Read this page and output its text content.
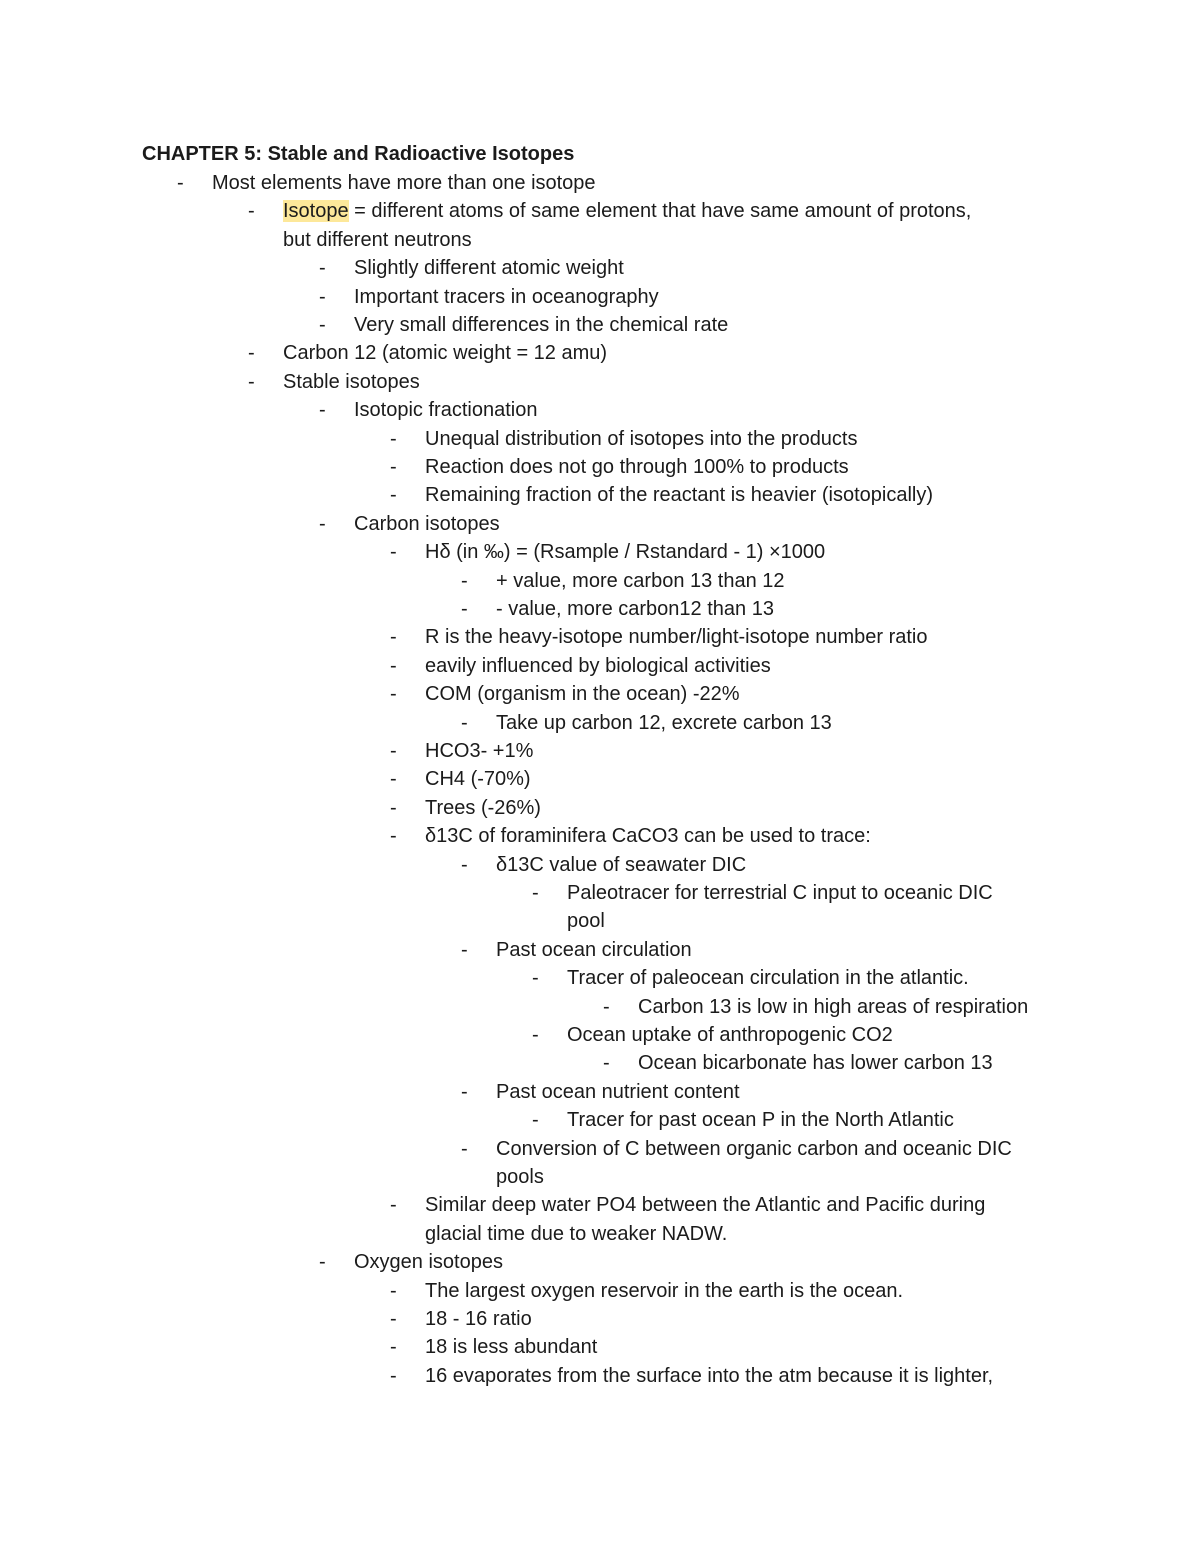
CHAPTER 5: Stable and Radioactive Isotopes
- Most elements have more than one isotope
- Isotope = different atoms of same element that have same amount of protons,
but different neutrons
- Slightly different atomic weight
- Important tracers in oceanography
- Very small differences in the chemical rate
- Carbon 12 (atomic weight = 12 amu)
- Stable isotopes
- Isotopic fractionation
- Unequal distribution of isotopes into the products
- Reaction does not go through 100% to products
- Remaining fraction of the reactant is heavier (isotopically)
- Carbon isotopes
- Hδ (in ‰) = (Rsample / Rstandard - 1) ×1000
- + value, more carbon 13 than 12
- - value, more carbon12 than 13
- R is the heavy-isotope number/light-isotope number ratio
- eavily influenced by biological activities
- COM (organism in the ocean) -22%
- Take up carbon 12, excrete carbon 13
- HCO3- +1%
- CH4 (-70%)
- Trees (-26%)
- δ13C of foraminifera CaCO3 can be used to trace:
- δ13C value of seawater DIC
- Paleotracer for terrestrial C input to oceanic DIC
pool
- Past ocean circulation
- Tracer of paleocean circulation in the atlantic.
- Carbon 13 is low in high areas of respiration
- Ocean uptake of anthropogenic CO2
- Ocean bicarbonate has lower carbon 13
- Past ocean nutrient content
- Tracer for past ocean P in the North Atlantic
- Conversion of C between organic carbon and oceanic DIC
pools
- Similar deep water PO4 between the Atlantic and Pacific during
glacial time due to weaker NADW.
- Oxygen isotopes
- The largest oxygen reservoir in the earth is the ocean.
- 18 - 16 ratio
- 18 is less abundant
- 16 evaporates from the surface into the atm because it is lighter,
